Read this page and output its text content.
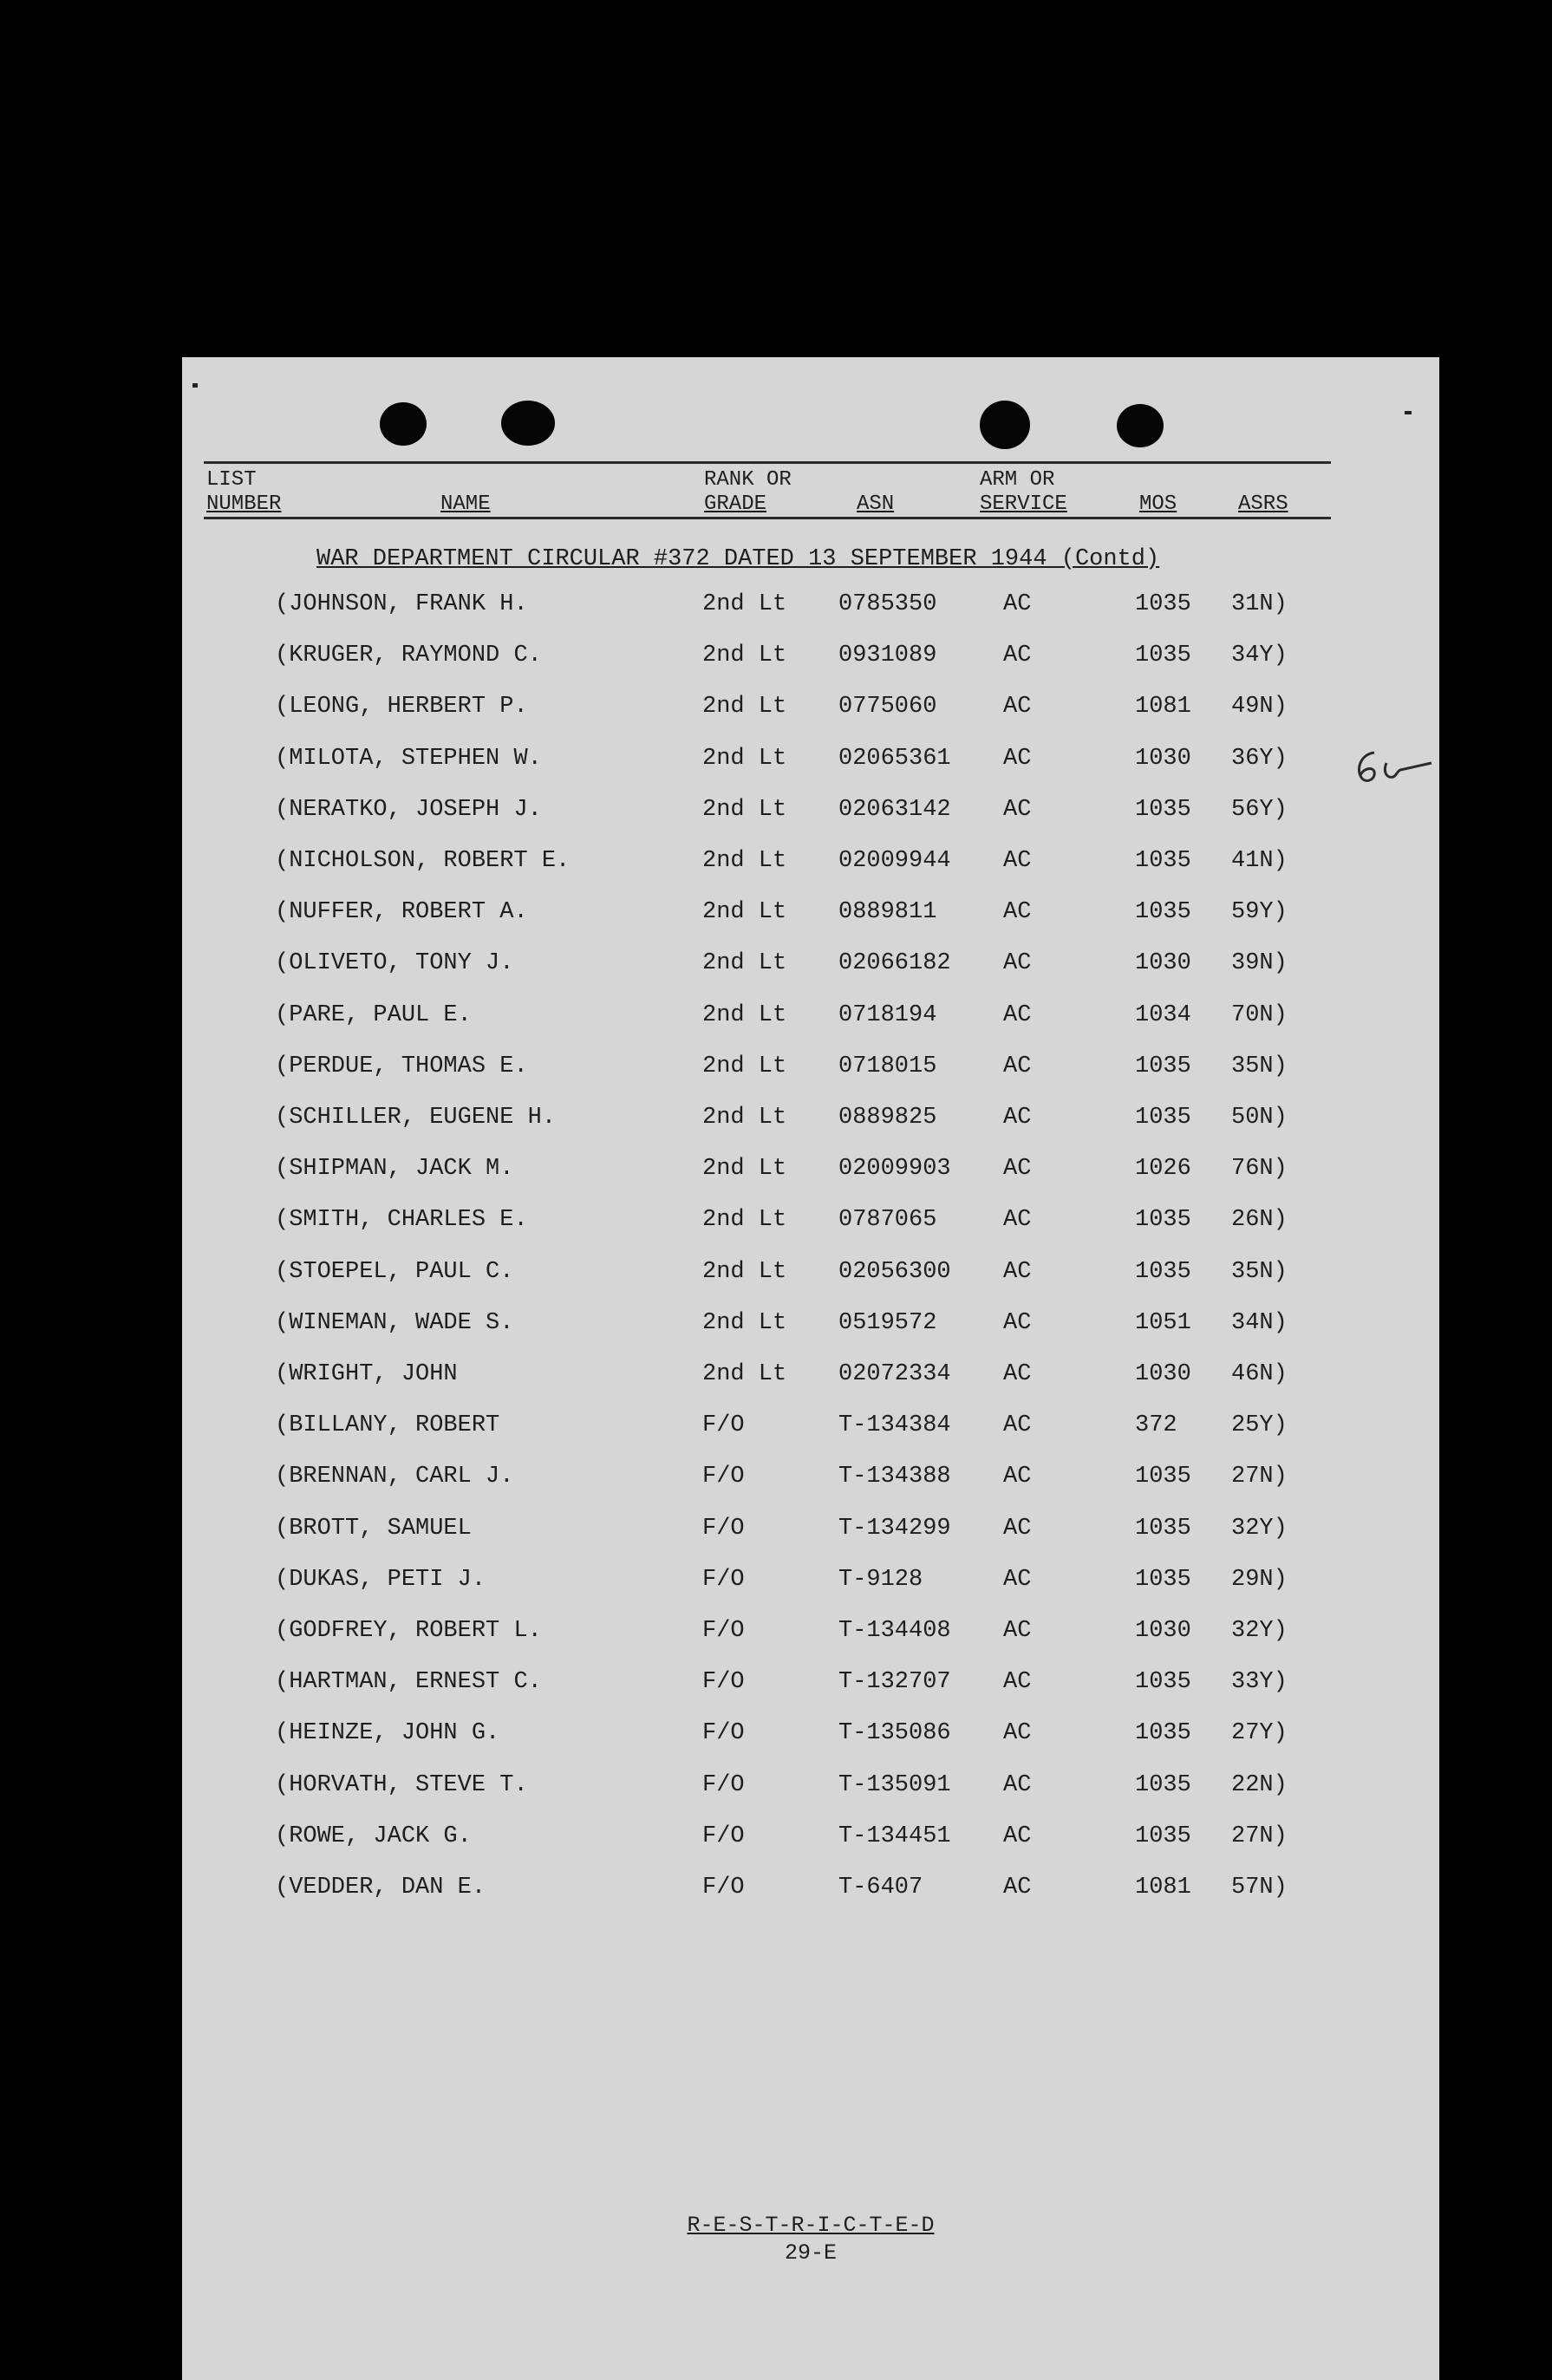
LIST
NUMBER	NAME
RANK OR
GRADE	ASN
ARM OR
SERVICE	MOS	ASRS
WAR DEPARTMENT CIRCULAR #372 DATED 13 SEPTEMBER 1944 (Contd)
(JOHNSON, FRANK H.	2nd Lt 0785350	AC	1035 31N)
(KRUGER, RAYMOND C.	2nd Lt 0931089	AC	1035 34Y)
(LEONG, HERBERT P.	2nd Lt 0775060	AC	1081 49N)
(MILOTA, STEPHEN W.	2nd Lt 02065361 AC	1030 36Y)
(NERATKO, JOSEPH J.	2nd Lt 02063142 AC	1035 56Y)
(NICHOLSON, ROBERT E.	2nd Lt 02009944 AC	1035 41N)
(NUFFER, ROBERT A.	2nd Lt 0889811	AC	1035 59Y)
(OLIVETO, TONY J.	2nd Lt 02066182 AC	1030 39N)
(PARE, PAUL E.	2nd Lt 0718194	AC	1034 70N)
(PERDUE, THOMAS E.	2nd Lt 0718015	AC	1035 35N)
(SCHILLER, EUGENE H.	2nd Lt 0889825	AC	1035 50N)
(SHIPMAN, JACK M.	2nd Lt 02009903 AC	1026 76N)
(SMITH, CHARLES E.	2nd Lt 0787065	AC	1035 26N)
(STOEPEL, PAUL C.	2nd Lt 02056300 AC	1035 35N)
(WINEMAN, WADE S.	2nd Lt 0519572	AC	1051 34N)
(WRIGHT, JOHN	2nd Lt 02072334 AC	1030 46N)
(BILLANY, ROBERT	F/O	T-134384 AC	372 25Y)
(BRENNAN, CARL J.	F/O	T-134388 AC	1035 27N)
(BROTT, SAMUEL	F/O	T-134299 AC	1035 32Y)
(DUKAS, PETI J.	F/O	T-9128	AC	1035 29N)
(GODFREY, ROBERT L.	F/O	T-134408 AC	1030 32Y)
(HARTMAN, ERNEST C.	F/O	T-132707 AC	1035 33Y)
(HEINZE, JOHN G.	F/O	T-135086 AC	1035 27Y)
(HORVATH, STEVE T.	F/O	T-135091 AC	1035 22N)
(ROWE, JACK G.	F/O	T-134451 AC	1035 27N)
(VEDDER, DAN E.	F/O	T-6407	AC	1081 57N)
R-E-S-T-R-I-C-T-E-D
29-E
